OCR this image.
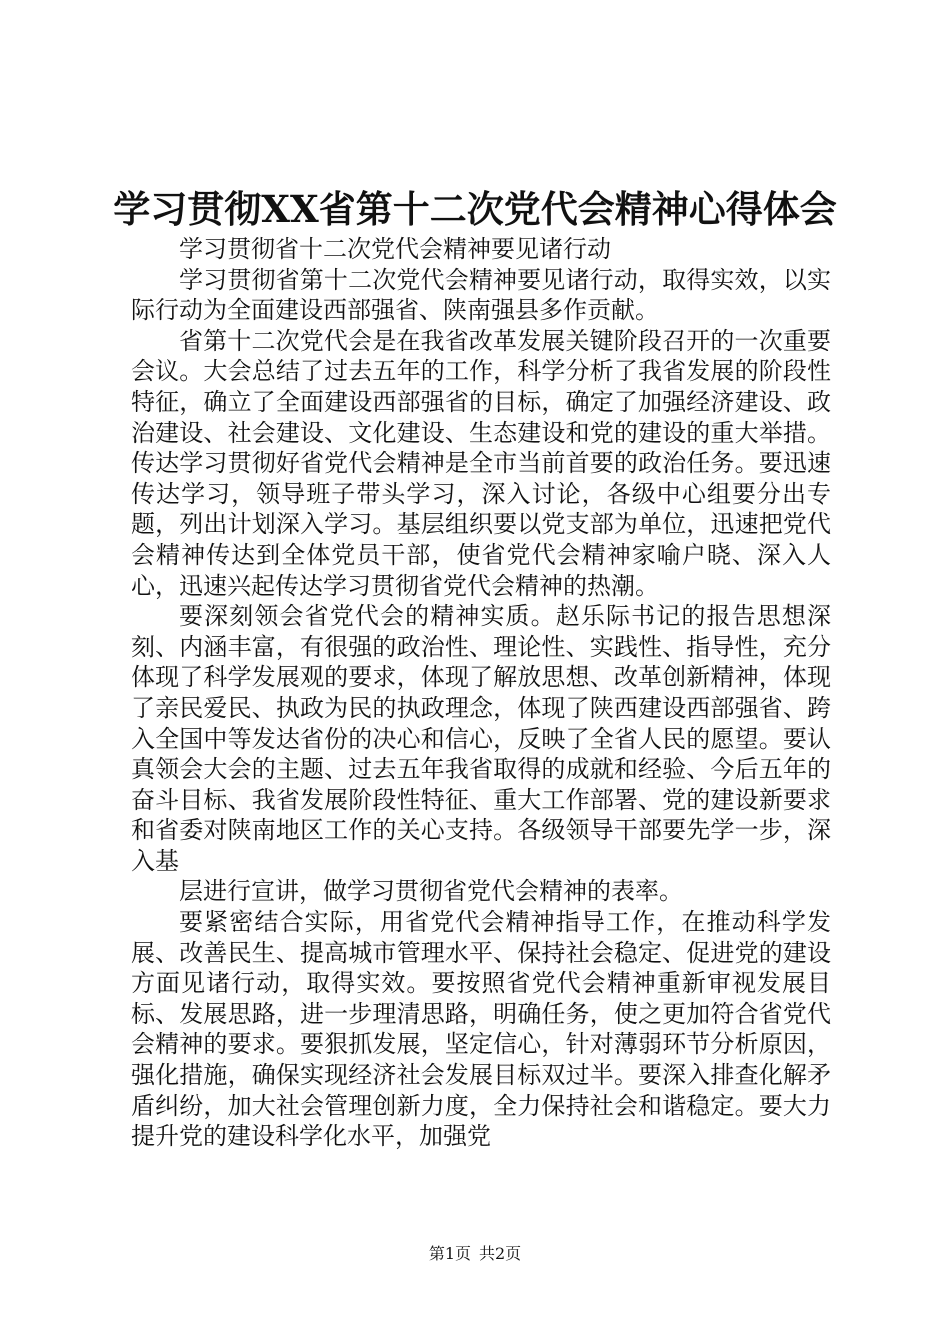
学习贯彻XX省第十二次党代会精神心得体会

学习贯彻省十二次党代会精神要见诸行动

学习贯彻省第十二次党代会精神要见诸行动，取得实效，以实际行动为全面建设西部强省、陕南强县多作贡献。

省第十二次党代会是在我省改革发展关键阶段召开的一次重要会议。大会总结了过去五年的工作，科学分析了我省发展的阶段性特征，确立了全面建设西部强省的目标，确定了加强经济建设、政治建设、社会建设、文化建设、生态建设和党的建设的重大举措。传达学习贯彻好省党代会精神是全市当前首要的政治任务。要迅速传达学习，领导班子带头学习，深入讨论，各级中心组要分出专题，列出计划深入学习。基层组织要以党支部为单位，迅速把党代会精神传达到全体党员干部，使省党代会精神家喻户晓、深入人心，迅速兴起传达学习贯彻省党代会精神的热潮。

要深刻领会省党代会的精神实质。赵乐际书记的报告思想深刻、内涵丰富，有很强的政治性、理论性、实践性、指导性，充分体现了科学发展观的要求，体现了解放思想、改革创新精神，体现了亲民爱民、执政为民的执政理念，体现了陕西建设西部强省、跨入全国中等发达省份的决心和信心，反映了全省人民的愿望。要认真领会大会的主题、过去五年我省取得的成就和经验、今后五年的奋斗目标、我省发展阶段性特征、重大工作部署、党的建设新要求和省委对陕南地区工作的关心支持。各级领导干部要先学一步，深入基

层进行宣讲，做学习贯彻省党代会精神的表率。

要紧密结合实际，用省党代会精神指导工作，在推动科学发展、改善民生、提高城市管理水平、保持社会稳定、促进党的建设方面见诸行动，取得实效。要按照省党代会精神重新审视发展目标、发展思路，进一步理清思路，明确任务，使之更加符合省党代会精神的要求。要狠抓发展，坚定信心，针对薄弱环节分析原因，强化措施，确保实现经济社会发展目标双过半。要深入排查化解矛盾纠纷，加大社会管理创新力度，全力保持社会和谐稳定。要大力提升党的建设科学化水平，加强党

第1页 共2页
